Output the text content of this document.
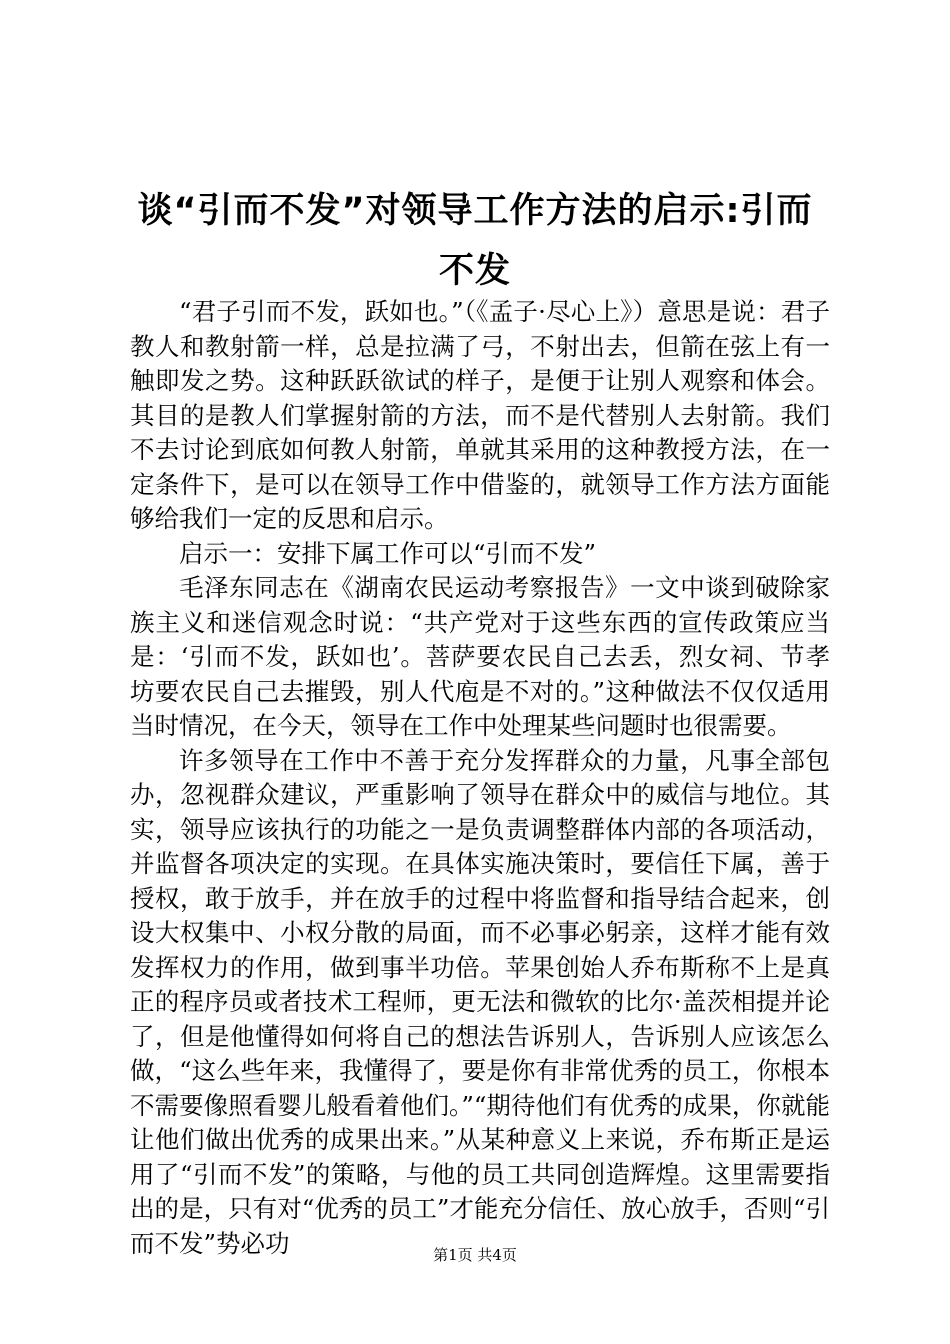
谈“引而不发”对领导工作方法的启示:引而不发

“君子引而不发，跃如也。”（《孟子·尽心上》）意思是说：君子教人和教射箭一样，总是拉满了弓，不射出去，但箭在弦上有一触即发之势。这种跃跃欲试的样子，是便于让别人观察和体会。其目的是教人们掌握射箭的方法，而不是代替别人去射箭。我们不去讨论到底如何教人射箭，单就其采用的这种教授方法，在一定条件下，是可以在领导工作中借鉴的，就领导工作方法方面能够给我们一定的反思和启示。

启示一：安排下属工作可以“引而不发”

毛泽东同志在《湖南农民运动考察报告》一文中谈到破除家族主义和迷信观念时说：“共产党对于这些东西的宣传政策应当是：‘引而不发，跃如也’。菩萨要农民自己去丢，烈女祠、节孝坊要农民自己去摧毁，别人代庖是不对的。”这种做法不仅仅适用当时情况，在今天，领导在工作中处理某些问题时也很需要。

许多领导在工作中不善于充分发挥群众的力量，凡事全部包办，忽视群众建议，严重影响了领导在群众中的威信与地位。其实，领导应该执行的功能之一是负责调整群体内部的各项活动，并监督各项决定的实现。在具体实施决策时，要信任下属，善于授权，敢于放手，并在放手的过程中将监督和指导结合起来，创设大权集中、小权分散的局面，而不必事必躬亲，这样才能有效发挥权力的作用，做到事半功倍。苹果创始人乔布斯称不上是真正的程序员或者技术工程师，更无法和微软的比尔·盖茨相提并论了，但是他懂得如何将自己的想法告诉别人，告诉别人应该怎么做，“这么些年来，我懂得了，要是你有非常优秀的员工，你根本不需要像照看婴儿般看着他们。”“期待他们有优秀的成果，你就能让他们做出优秀的成果出来。”从某种意义上来说，乔布斯正是运用了“引而不发”的策略，与他的员工共同创造辉煌。这里需要指出的是，只有对“优秀的员工”才能充分信任、放心放手，否则“引而不发”势必功	第1页 共4页
